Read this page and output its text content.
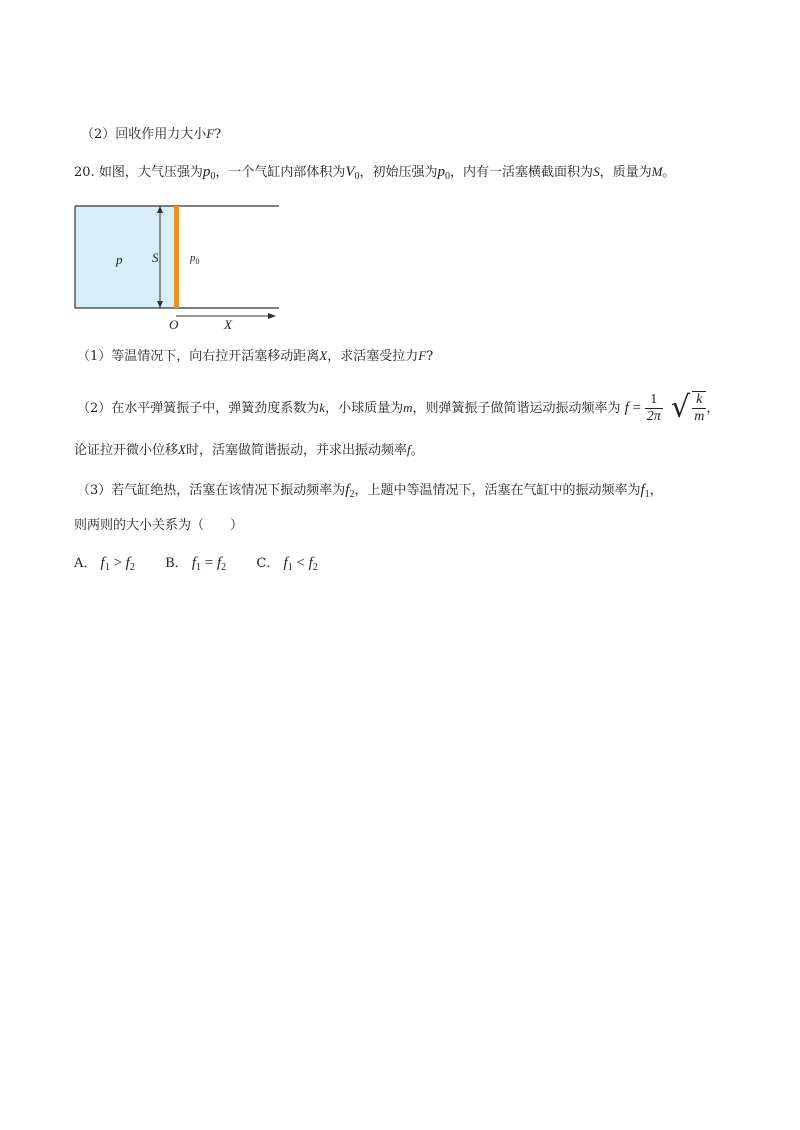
（2）回收作用力大小F?
20. 如图，大气压强为$p_0$，一个气缸内部体积为$V_0$，初始压强为$p_0$，内有一活塞横截面积为S，质量为M。
p S	$p_0$
O	X
（1）等温情况下，向右拉开活塞移动距离X，求活塞受拉力F?
（2）在水平弹簧振子中，弹簧劲度系数为k，小球质量为m，则弹簧振子做简谐运动振动频率为 $f = \frac{1}{2\pi}$ √ $\frac{k}{m}$ ，
论证拉开微小位移X时，活塞做简谐振动，并求出振动频率f。
（3）若气缸绝热，活塞在该情况下振动频率为$f_2$，上题中等温情况下，活塞在气缸中的振动频率为$f_1$，
则两则的大小关系为（　　）
A． $f_1 > f_2$ B． $f_1 = f_2$ C． $f_1 < f_2$
